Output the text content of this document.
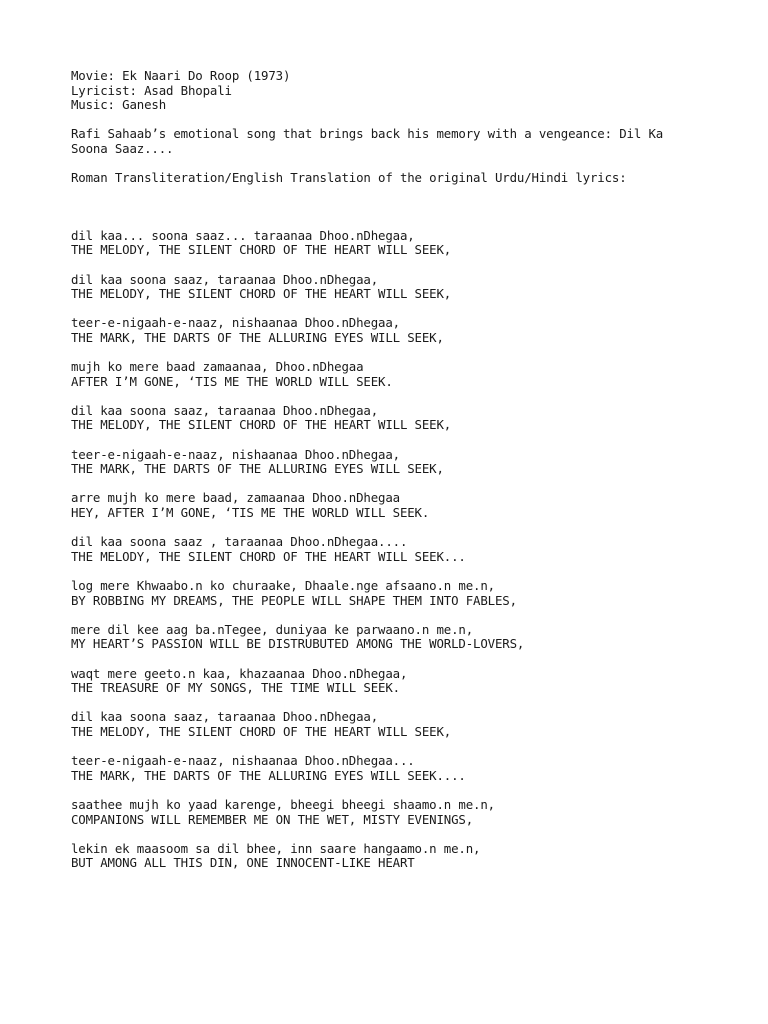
Movie: Ek Naari Do Roop (1973)
Lyricist: Asad Bhopali
Music: Ganesh
Rafi Sahaab’s emotional song that brings back his memory with a vengeance: Dil Ka
Soona Saaz....
Roman Transliteration/English Translation of the original Urdu/Hindi lyrics:
dil kaa... soona saaz... taraanaa Dhoo.nDhegaa,
THE MELODY, THE SILENT CHORD OF THE HEART WILL SEEK,
dil kaa soona saaz, taraanaa Dhoo.nDhegaa,
THE MELODY, THE SILENT CHORD OF THE HEART WILL SEEK,
teer-e-nigaah-e-naaz, nishaanaa Dhoo.nDhegaa,
THE MARK, THE DARTS OF THE ALLURING EYES WILL SEEK,
mujh ko mere baad zamaanaa, Dhoo.nDhegaa
AFTER I’M GONE, ‘TIS ME THE WORLD WILL SEEK.
dil kaa soona saaz, taraanaa Dhoo.nDhegaa,
THE MELODY, THE SILENT CHORD OF THE HEART WILL SEEK,
teer-e-nigaah-e-naaz, nishaanaa Dhoo.nDhegaa,
THE MARK, THE DARTS OF THE ALLURING EYES WILL SEEK,
arre mujh ko mere baad, zamaanaa Dhoo.nDhegaa
HEY, AFTER I’M GONE, ‘TIS ME THE WORLD WILL SEEK.
dil kaa soona saaz , taraanaa Dhoo.nDhegaa....
THE MELODY, THE SILENT CHORD OF THE HEART WILL SEEK...
log mere Khwaabo.n ko churaake, Dhaale.nge afsaano.n me.n,
BY ROBBING MY DREAMS, THE PEOPLE WILL SHAPE THEM INTO FABLES,
mere dil kee aag ba.nTegee, duniyaa ke parwaano.n me.n,
MY HEART’S PASSION WILL BE DISTRUBUTED AMONG THE WORLD-LOVERS,
waqt mere geeto.n kaa, khazaanaa Dhoo.nDhegaa,
THE TREASURE OF MY SONGS, THE TIME WILL SEEK.
dil kaa soona saaz, taraanaa Dhoo.nDhegaa,
THE MELODY, THE SILENT CHORD OF THE HEART WILL SEEK,
teer-e-nigaah-e-naaz, nishaanaa Dhoo.nDhegaa...
THE MARK, THE DARTS OF THE ALLURING EYES WILL SEEK....
saathee mujh ko yaad karenge, bheegi bheegi shaamo.n me.n,
COMPANIONS WILL REMEMBER ME ON THE WET, MISTY EVENINGS,
lekin ek maasoom sa dil bhee, inn saare hangaamo.n me.n,
BUT AMONG ALL THIS DIN, ONE INNOCENT-LIKE HEART
